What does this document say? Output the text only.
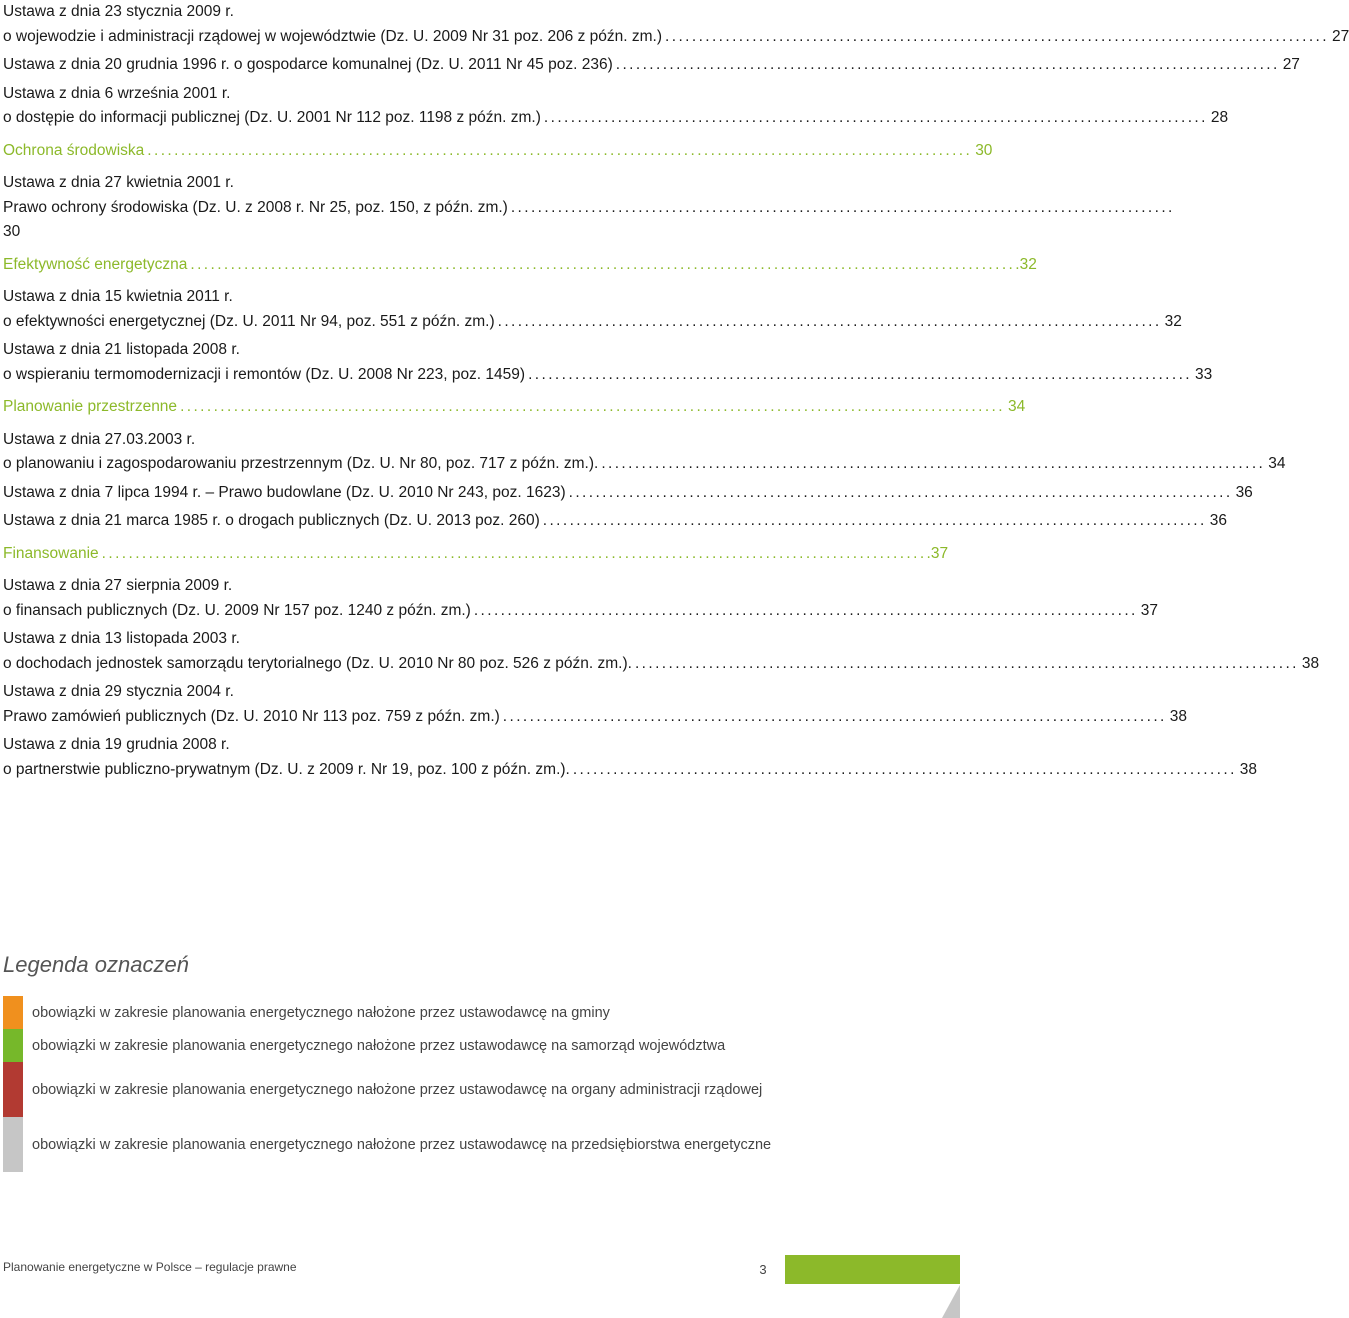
Ustawa z dnia 23 stycznia 2009 r.
o wojewodzie i administracji rządowej w województwie (Dz. U. 2009 Nr 31 poz. 206 z późn. zm.) ................................................................................................... 27
Ustawa z dnia 20 grudnia 1996 r. o gospodarce komunalnej (Dz. U. 2011 Nr 45 poz. 236) ................................................................................................... 27
Ustawa z dnia 6 września 2001 r.
o dostępie do informacji publicznej (Dz. U. 2001 Nr 112 poz. 1198 z późn. zm.) ................................................................................................... 28
Ochrona środowiska ........................................................................................................................... 30
Ustawa z dnia 27 kwietnia 2001 r.
Prawo ochrony środowiska (Dz. U. z 2008 r. Nr 25, poz. 150, z późn. zm.) ...................................................................................................
30
Efektywność energetyczna ........................................................................................................................... .32
Ustawa z dnia 15 kwietnia 2011 r.
o efektywności energetycznej (Dz. U. 2011 Nr 94, poz. 551 z późn. zm.) ................................................................................................... 32
Ustawa z dnia 21 listopada 2008 r.
o wspieraniu termomodernizacji i remontów (Dz. U. 2008 Nr 223, poz. 1459) ................................................................................................... 33
Planowanie przestrzenne ........................................................................................................................... 34
Ustawa z dnia 27.03.2003 r.
o planowaniu i zagospodarowaniu przestrzennym (Dz. U. Nr 80, poz. 717 z późn. zm.). ................................................................................................... 34
Ustawa z dnia 7 lipca 1994 r. – Prawo budowlane (Dz. U. 2010 Nr 243, poz. 1623) ................................................................................................... 36
Ustawa z dnia 21 marca 1985 r. o drogach publicznych (Dz. U. 2013 poz. 260) ................................................................................................... 36
Finansowanie ........................................................................................................................... .37
Ustawa z dnia 27 sierpnia 2009 r.
o finansach publicznych (Dz. U. 2009 Nr 157 poz. 1240 z późn. zm.) ................................................................................................... 37
Ustawa z dnia 13 listopada 2003 r.
o dochodach jednostek samorządu terytorialnego (Dz. U. 2010 Nr 80 poz. 526 z późn. zm.). ................................................................................................... 38
Ustawa z dnia 29 stycznia 2004 r.
Prawo zamówień publicznych (Dz. U. 2010 Nr 113 poz. 759 z późn. zm.) ................................................................................................... 38
Ustawa z dnia 19 grudnia 2008 r.
o partnerstwie publiczno-prywatnym (Dz. U. z 2009 r. Nr 19, poz. 100 z późn. zm.). ................................................................................................... 38
Legenda oznaczeń
obowiązki w zakresie planowania energetycznego nałożone przez ustawodawcę na gminy
obowiązki w zakresie planowania energetycznego nałożone przez ustawodawcę na samorząd województwa
obowiązki w zakresie planowania energetycznego nałożone przez ustawodawcę na organy administracji rządowej
obowiązki w zakresie planowania energetycznego nałożone przez ustawodawcę na przedsiębiorstwa energetyczne
Planowanie energetyczne w Polsce – regulacje prawne	3
